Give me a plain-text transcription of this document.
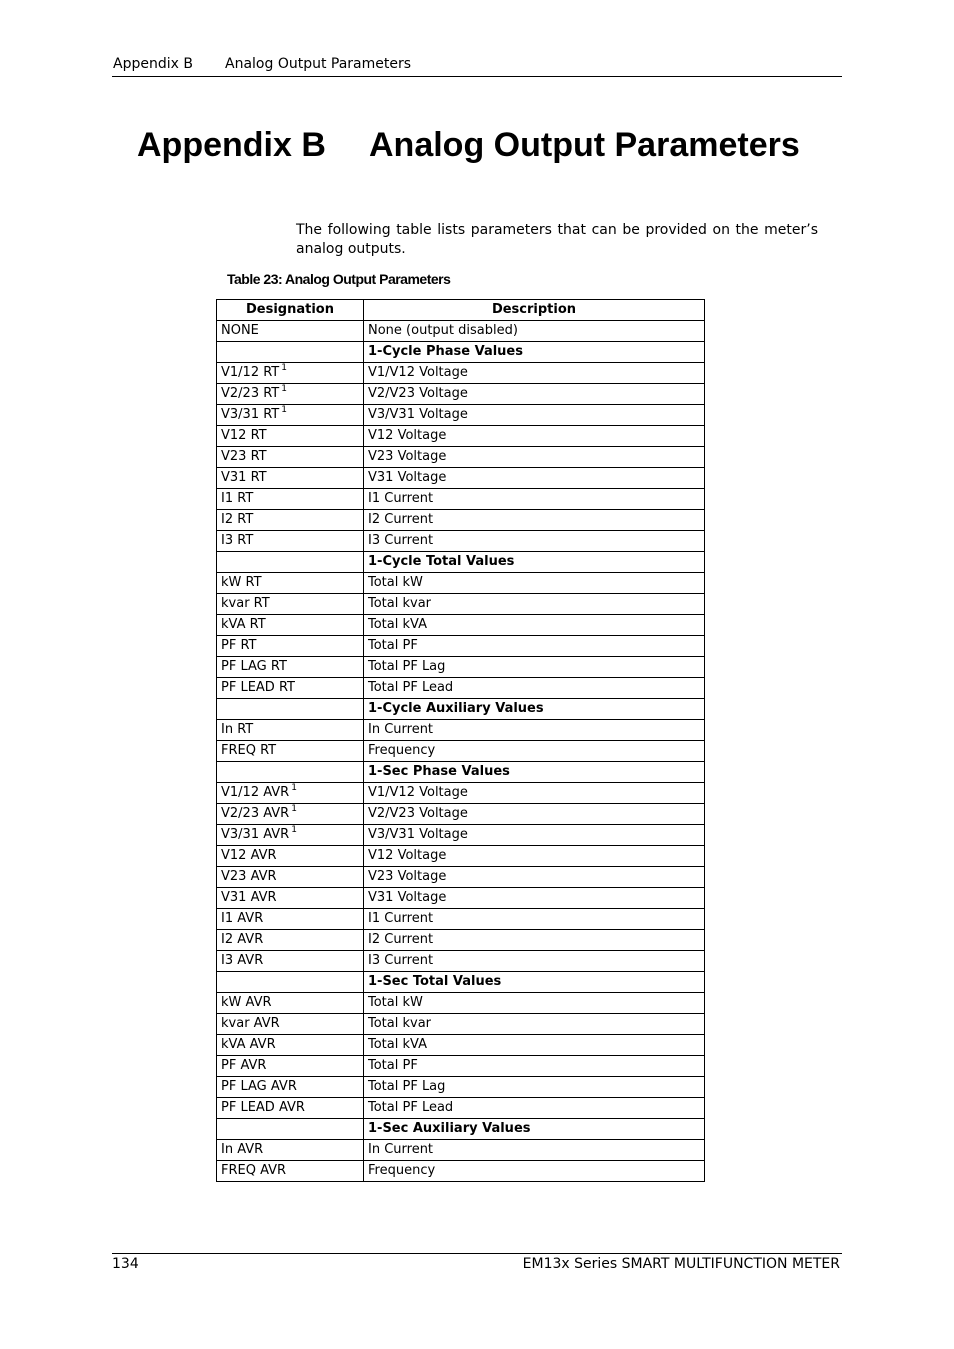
Appendix B Analog Output Parameters
Appendix B Analog Output Parameters

The following table lists parameters that can be provided on the meter’s analog outputs.

Table 23: Analog Output Parameters
Designation	Description
NONE	None (output disabled)
	1-Cycle Phase Values
V1/12 RT $^1$	V1/V12 Voltage
V2/23 RT $^1$	V2/V23 Voltage
V3/31 RT $^1$	V3/V31 Voltage
V12 RT	V12 Voltage
V23 RT	V23 Voltage
V31 RT	V31 Voltage
I1 RT	I1 Current
I2 RT	I2 Current
I3 RT	I3 Current
	1-Cycle Total Values
kW RT	Total kW
kvar RT	Total kvar
kVA RT	Total kVA
PF RT	Total PF
PF LAG RT	Total PF Lag
PF LEAD RT	Total PF Lead
	1-Cycle Auxiliary Values
In RT	In Current
FREQ RT	Frequency
	1-Sec Phase Values
V1/12 AVR $^1$	V1/V12 Voltage
V2/23 AVR $^1$	V2/V23 Voltage
V3/31 AVR $^1$	V3/V31 Voltage
V12 AVR	V12 Voltage
V23 AVR	V23 Voltage
V31 AVR	V31 Voltage
I1 AVR	I1 Current
I2 AVR	I2 Current
I3 AVR	I3 Current
	1-Sec Total Values
kW AVR	Total kW
kvar AVR	Total kvar
kVA AVR	Total kVA
PF AVR	Total PF
PF LAG AVR	Total PF Lag
PF LEAD AVR	Total PF Lead
	1-Sec Auxiliary Values
In AVR	In Current
FREQ AVR	Frequency
134	EM13x Series SMART MULTIFUNCTION METER
